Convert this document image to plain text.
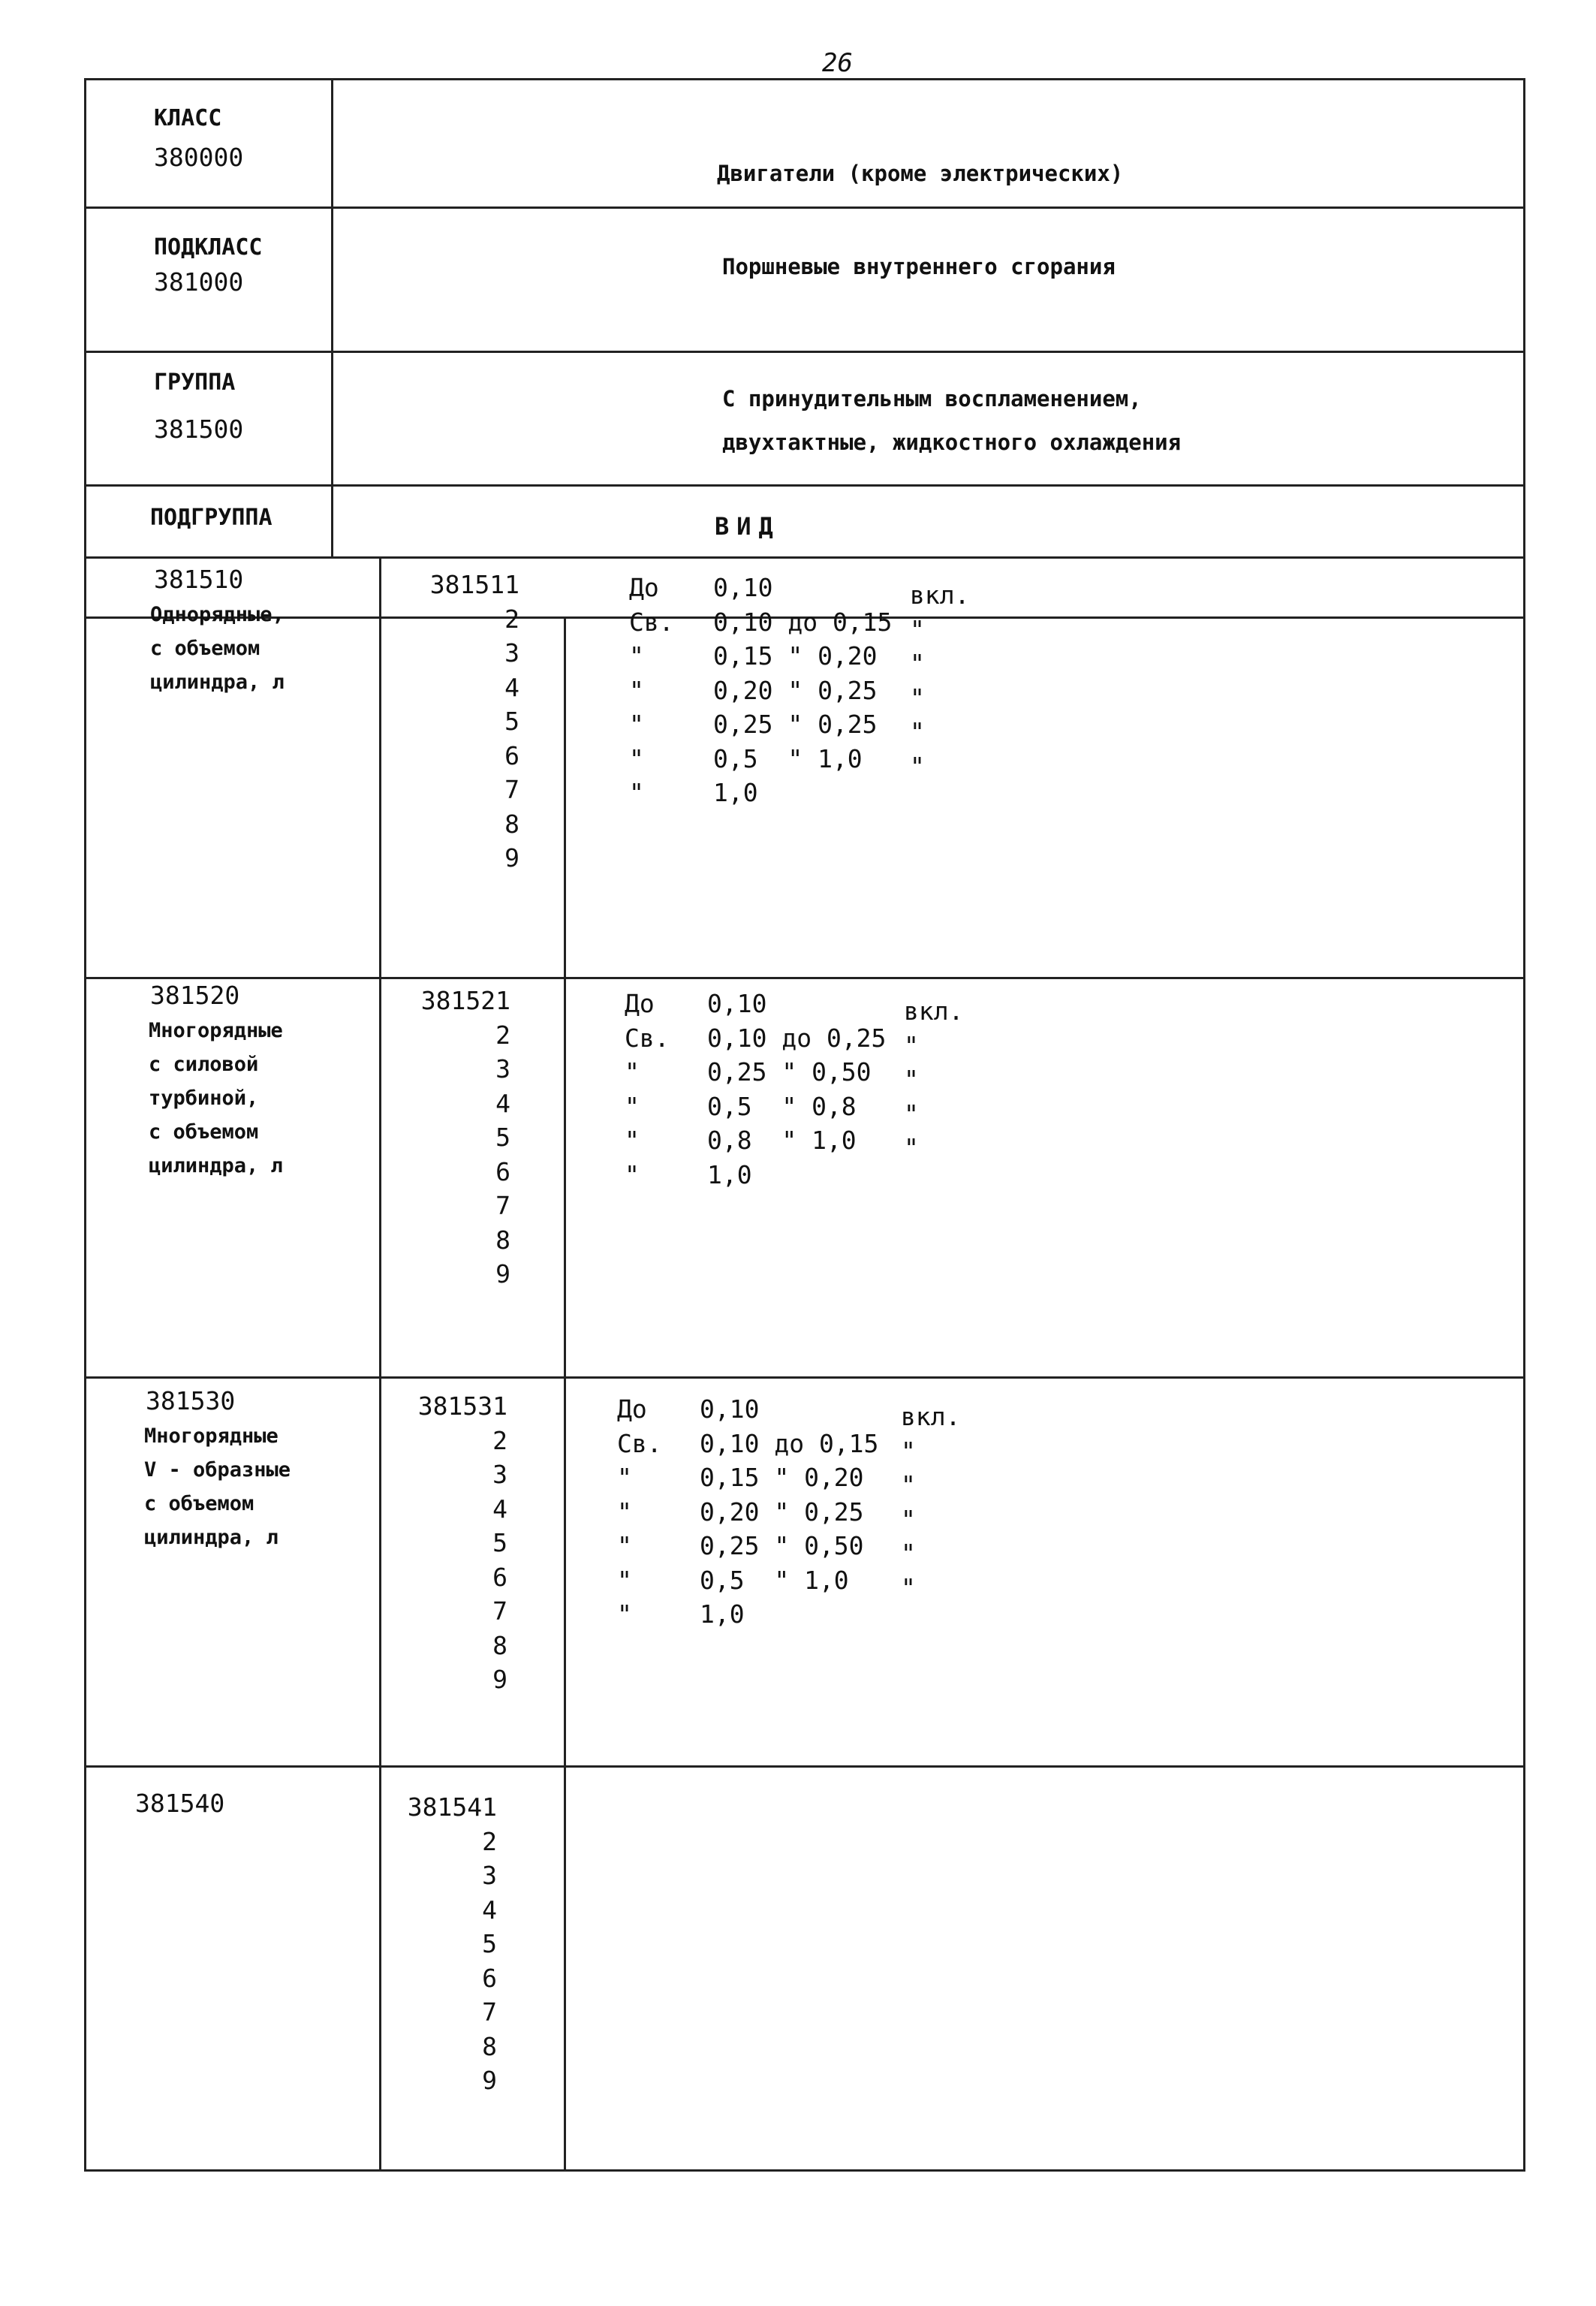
26
КЛАСС
380000
Двигатели (кроме электрических)
ПОДКЛАСС
381000
Поршневые внутреннего сгорания
ГРУППА
381500
С принудительным воспламенением,
двухтактные, жидкостного охлаждения
ПОДГРУППА	ВИД
381510
Однорядные,
с объемом
цилиндра, л
381511
2
3
4
5
6
7
8
9
До
Св.
"
"
"
"
"
0,10
0,10 до 0,15
0,15 " 0,20
0,20 " 0,25
0,25 " 0,25
0,5  " 1,0
1,0
вкл.
"
"
"
"
"
381520
Многорядные
с силовой
турбиной,
с объемом
цилиндра, л
381521
2
3
4
5
6
7
8
9
До
Св.
"
"
"
"
0,10
0,10 до 0,25
0,25 " 0,50
0,5  " 0,8
0,8  " 1,0
1,0
вкл.
"
"
"
"
381530
Многорядные
V - образные
с объемом
цилиндра, л
381531
2
3
4
5
6
7
8
9
До
Св.
"
"
"
"
"
0,10
0,10 до 0,15
0,15 " 0,20
0,20 " 0,25
0,25 " 0,50
0,5  " 1,0
1,0
вкл.
"
"
"
"
"
381540	381541
2
3
4
5
6
7
8
9
